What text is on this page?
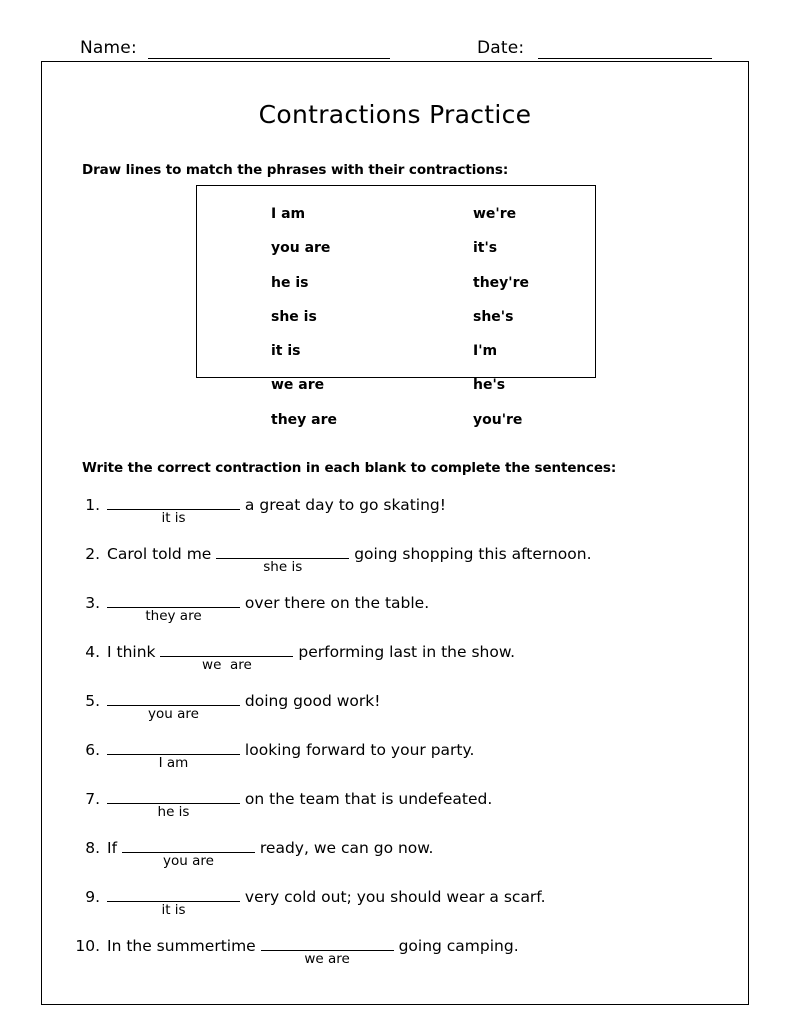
Name:	Date:
Contractions Practice
Draw lines to match the phrases with their contractions:
I am
you are
he is
she is
it is
we are
they are
we're
it's
they're
she's
I'm
he's
you're
Write the correct contraction in each blank to complete the sentences:
1.
it is
a great day to go skating!
2. Carol told me
she is
going shopping this afternoon.
3.
they are
over there on the table.
4. I think
we  are
performing last in the show.
5.
you are
doing good work!
6.
I am
looking forward to your party.
7.
he is
on the team that is undefeated.
8. If
you are
ready, we can go now.
9.
it is
very cold out; you should wear a scarf.
10. In the summertime
we are
going camping.
